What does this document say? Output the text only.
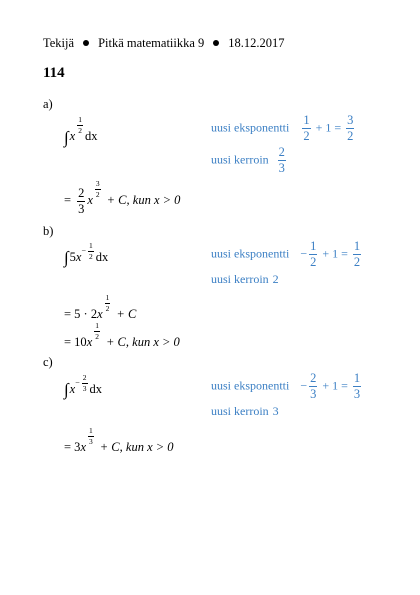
Tekijä Pitkä matematiikka 9 18.12.2017
114
a)
∫x
$\frac{1}{2}$
dx
uusi eksponentti $\frac{1}{2} + 1 = \frac{3}{2}$
uusi kerroin $\frac{2}{3}$
= $\frac{2}{3}$ x
$\frac{3}{2}$
+ C, kun x > 0
b)
$\int 5x- \frac{1}{2}$ dx	uusi eksponentti − $\frac{1}{2} + 1 = \frac{1}{2}$
uusi kerroin 2
= 5 · 2x
$\frac{1}{2}$
+ C
= 10x
$\frac{1}{2}$
+ C, kun x > 0
c)
$\int x- \frac{2}{3}$ dx	uusi eksponentti − $\frac{2}{3} + 1 = \frac{1}{3}$
uusi kerroin 3
= 3x
$\frac{1}{3}$
+ C, kun x > 0
